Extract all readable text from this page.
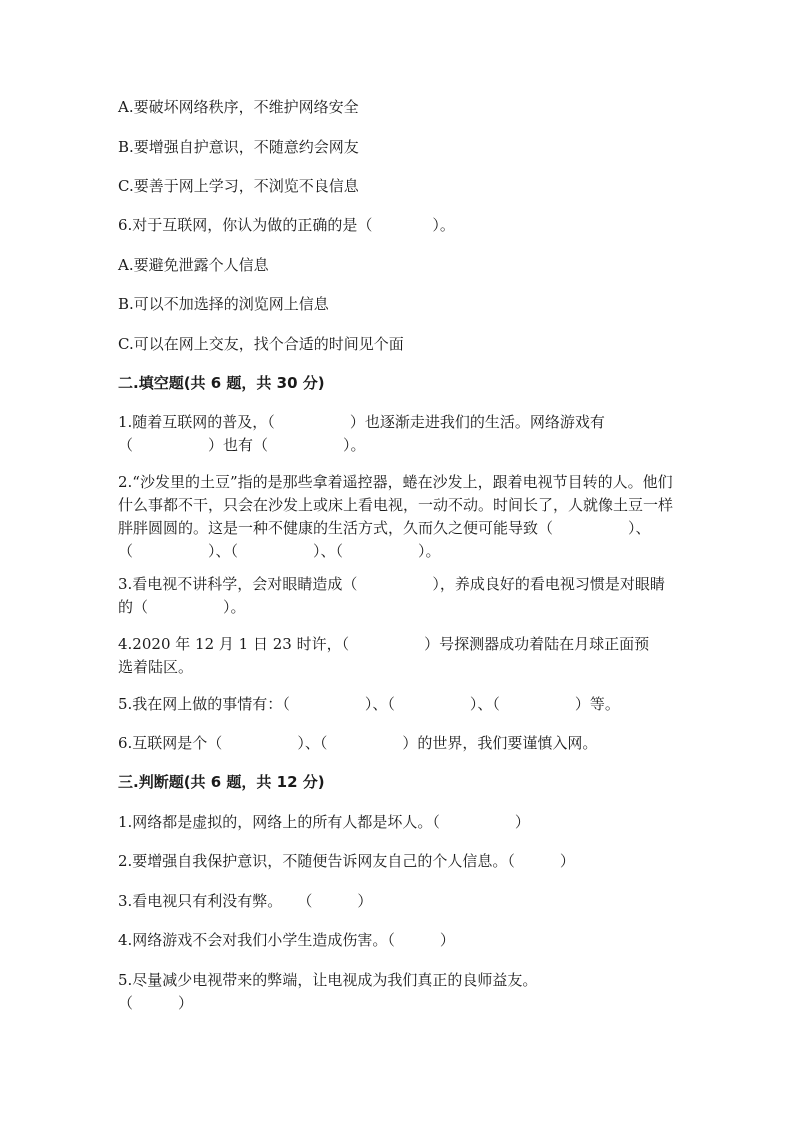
A.要破坏网络秩序，不维护网络安全
B.要增强自护意识，不随意约会网友
C.要善于网上学习，不浏览不良信息
6.对于互联网，你认为做的正确的是（　　　　）。
A.要避免泄露个人信息
B.可以不加选择的浏览网上信息
C.可以在网上交友，找个合适的时间见个面
二.填空题(共 6 题，共 30 分)
1.随着互联网的普及，（　　　　　）也逐渐走进我们的生活。网络游戏有（　　　　　）也有（　　　　　）。
2.“沙发里的土豆”指的是那些拿着遥控器，蜷在沙发上，跟着电视节目转的人。他们什么事都不干，只会在沙发上或床上看电视，一动不动。时间长了，人就像土豆一样胖胖圆圆的。这是一种不健康的生活方式，久而久之便可能导致（　　　　　）、（　　　　　）、（　　　　　）、（　　　　　）。
3.看电视不讲科学，会对眼睛造成（　　　　　），养成良好的看电视习惯是对眼睛的（　　　　　）。
4.2020 年 12 月 1 日 23 时许，（　　　　　）号探测器成功着陆在月球正面预选着陆区。
5.我在网上做的事情有：（　　　　　）、（　　　　　）、（　　　　　）等。
6.互联网是个（　　　　　）、（　　　　　）的世界，我们要谨慎入网。
三.判断题(共 6 题，共 12 分)
1.网络都是虚拟的，网络上的所有人都是坏人。（　　　　　）
2.要增强自我保护意识，不随便告诉网友自己的个人信息。（　　　）
3.看电视只有利没有弊。　　（　　　）
4.网络游戏不会对我们小学生造成伤害。（　　　）
5.尽量减少电视带来的弊端，让电视成为我们真正的良师益友。（　　　）
